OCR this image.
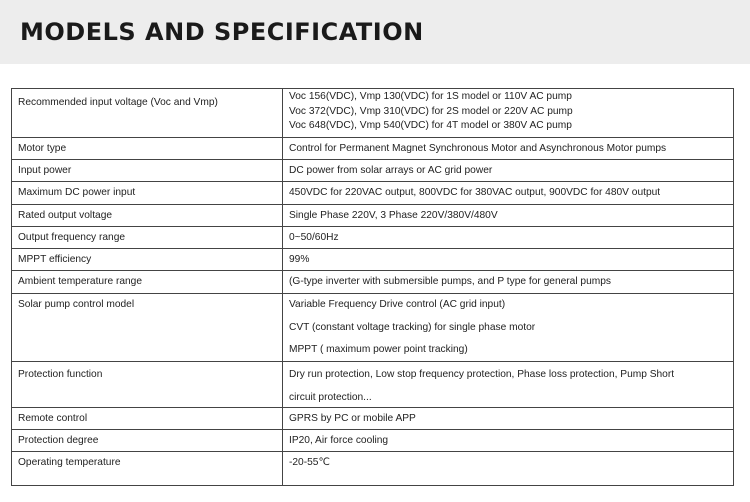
MODELS AND SPECIFICATION
Recommended input voltage (Voc and Vmp)	Voc 156(VDC), Vmp 130(VDC) for 1S model or 110V AC pump
Voc 372(VDC), Vmp 310(VDC) for 2S model or 220V AC pump
Voc 648(VDC), Vmp 540(VDC) for 4T model or 380V AC pump

Motor type	Control for Permanent Magnet Synchronous Motor and Asynchronous Motor pumps

Input power	DC power from solar arrays or AC grid power

Maximum DC power input	450VDC for 220VAC output, 800VDC for 380VAC output, 900VDC for 480V output

Rated output voltage	Single Phase 220V, 3 Phase 220V/380V/480V

Output frequency range	0~50/60Hz

MPPT efficiency	99%

Ambient temperature range	(G-type inverter with submersible pumps, and P type for general pumps

Solar pump control model	Variable Frequency Drive control (AC grid input)
CVT (constant voltage tracking) for single phase motor
MPPT ( maximum power point tracking)

Protection function	Dry run protection, Low stop frequency protection, Phase loss protection, Pump Short
circuit protection...

Remote control	GPRS by PC or mobile APP

Protection degree	IP20, Air force cooling

Operating temperature	-20-55℃
